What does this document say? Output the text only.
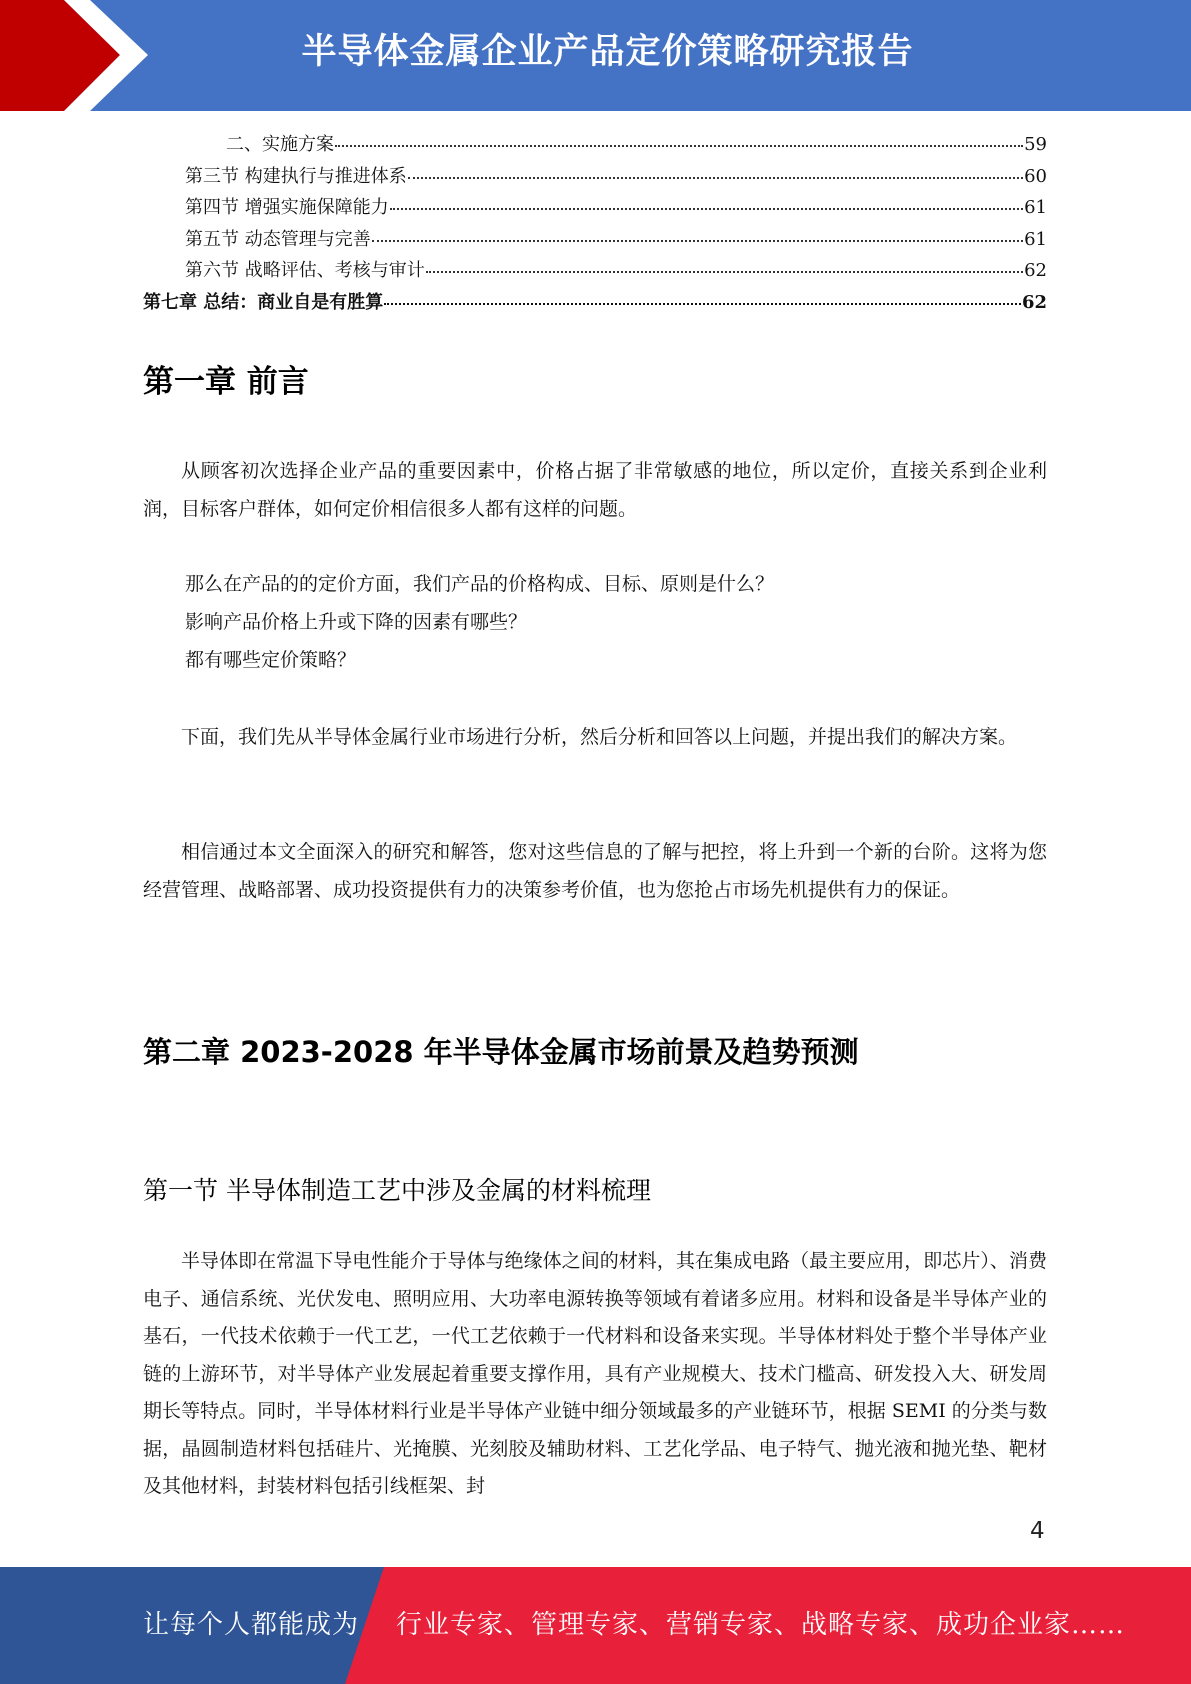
半导体金属企业产品定价策略研究报告
二、实施方案	59
第三节 构建执行与推进体系	60
第四节 增强实施保障能力	61
第五节 动态管理与完善	61
第六节 战略评估、考核与审计	62
第七章 总结：商业自是有胜算	62
第一章 前言

从顾客初次选择企业产品的重要因素中，价格占据了非常敏感的地位，所以定价，直接关系到企业利润，目标客户群体，如何定价相信很多人都有这样的问题。

那么在产品的的定价方面，我们产品的价格构成、目标、原则是什么？

影响产品价格上升或下降的因素有哪些？

都有哪些定价策略？

下面，我们先从半导体金属行业市场进行分析，然后分析和回答以上问题，并提出我们的解决方案。

相信通过本文全面深入的研究和解答，您对这些信息的了解与把控，将上升到一个新的台阶。这将为您经营管理、战略部署、成功投资提供有力的决策参考价值，也为您抢占市场先机提供有力的保证。

第二章 2023-2028 年半导体金属市场前景及趋势预测
第一节 半导体制造工艺中涉及金属的材料梳理

半导体即在常温下导电性能介于导体与绝缘体之间的材料，其在集成电路（最主要应用，即芯片）、消费电子、通信系统、光伏发电、照明应用、大功率电源转换等领域有着诸多应用。材料和设备是半导体产业的基石，一代技术依赖于一代工艺，一代工艺依赖于一代材料和设备来实现。半导体材料处于整个半导体产业链的上游环节，对半导体产业发展起着重要支撑作用，具有产业规模大、技术门槛高、研发投入大、研发周期长等特点。同时，半导体材料行业是半导体产业链中细分领域最多的产业链环节，根据 SEMI 的分类与数据，晶圆制造材料包括硅片、光掩膜、光刻胶及辅助材料、工艺化学品、电子特气、抛光液和抛光垫、靶材及其他材料，封装材料包括引线框架、封

4
让每个人都能成为 行业专家、管理专家、营销专家、战略专家、成功企业家……
